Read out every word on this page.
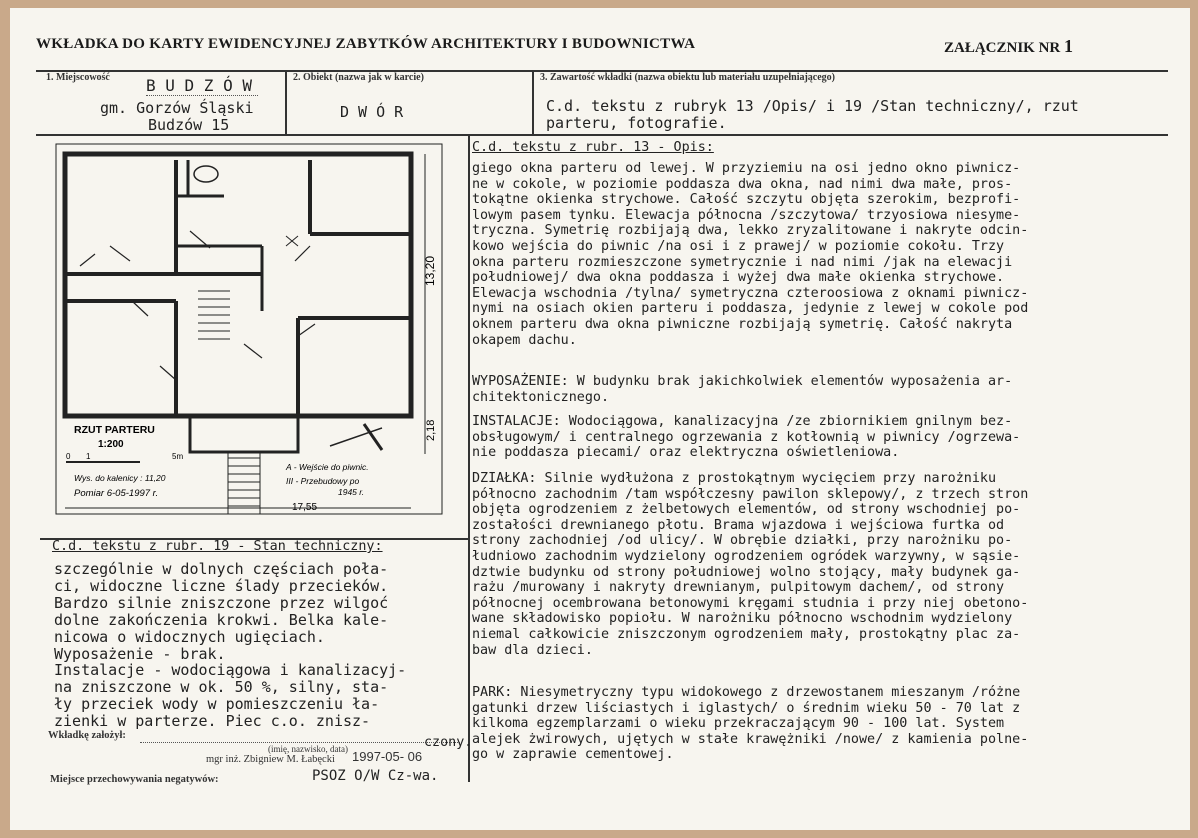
WKŁADKA DO KARTY EWIDENCYJNEJ ZABYTKÓW ARCHITEKTURY I BUDOWNICTWA	ZAŁĄCZNIK NR 1
1. Miejscowość B U D Z Ó W
gm. Gorzów Śląski
Budzów 15
2. Obiekt (nazwa jak w karcie)
D W Ó R
3. Zawartość wkładki (nazwa obiektu lub materiału uzupełniającego)
C.d. tekstu z rubryk 13 /Opis/ i 19 /Stan techniczny/, rzut
parteru, fotografie.
13,20
2,18
17,55
RZUT PARTERU
1:200
0 1	5m
Wys. do kalenicy : 11,20
Pomiar 6-05-1997 r.
A - Wejście do piwnic.
III - Przebudowy po
1945 r.
C.d. tekstu z rubr. 13 - Opis:
giego okna parteru od lewej. W przyziemiu na osi jedno okno piwnicz-
ne w cokole, w poziomie poddasza dwa okna, nad nimi dwa małe, pros-
tokątne okienka strychowe. Całość szczytu objęta szerokim, bezprofi-
lowym pasem tynku. Elewacja północna /szczytowa/ trzyosiowa niesyme-
tryczna. Symetrię rozbijają dwa, lekko zryzalitowane i nakryte odcin-
kowo wejścia do piwnic /na osi i z prawej/ w poziomie cokołu. Trzy
okna parteru rozmieszczone symetrycznie i nad nimi /jak na elewacji
południowej/ dwa okna poddasza i wyżej dwa małe okienka strychowe.
Elewacja wschodnia /tylna/ symetryczna czteroosiowa z oknami piwnicz-
nymi na osiach okien parteru i poddasza, jedynie z lewej w cokole pod
oknem parteru dwa okna piwniczne rozbijają symetrię. Całość nakryta
okapem dachu.
WYPOSAŻENIE: W budynku brak jakichkolwiek elementów wyposażenia ar-
chitektonicznego.
INSTALACJE: Wodociągowa, kanalizacyjna /ze zbiornikiem gnilnym bez-
obsługowym/ i centralnego ogrzewania z kotłownią w piwnicy /ogrzewa-
nie poddasza piecami/ oraz elektryczna oświetleniowa.
DZIAŁKA: Silnie wydłużona z prostokątnym wycięciem przy narożniku
północno zachodnim /tam współczesny pawilon sklepowy/, z trzech stron
objęta ogrodzeniem z żelbetowych elementów, od strony wschodniej po-
zostałości drewnianego płotu. Brama wjazdowa i wejściowa furtka od
strony zachodniej /od ulicy/. W obrębie działki, przy narożniku po-
łudniowo zachodnim wydzielony ogrodzeniem ogródek warzywny, w sąsie-
dztwie budynku od strony południowej wolno stojący, mały budynek ga-
rażu /murowany i nakryty drewnianym, pulpitowym dachem/, od strony
północnej ocembrowana betonowymi kręgami studnia i przy niej obetono-
wane składowisko popiołu. W narożniku północno wschodnim wydzielony
niemal całkowicie zniszczonym ogrodzeniem mały, prostokątny plac za-
baw dla dzieci.
PARK: Niesymetryczny typu widokowego z drzewostanem mieszanym /różne
gatunki drzew liściastych i iglastych/ o średnim wieku 50 - 70 lat z
kilkoma egzemplarzami o wieku przekraczającym 90 - 100 lat. System
alejek żwirowych, ujętych w stałe krawężniki /nowe/ z kamienia polne-
go w zaprawie cementowej.
C.d. tekstu z rubr. 19 - Stan techniczny:
szczególnie w dolnych częściach poła-
ci, widoczne liczne ślady przecieków.
Bardzo silnie zniszczone przez wilgoć
dolne zakończenia krokwi. Belka kale-
nicowa o widocznych ugięciach.
Wyposażenie - brak.
Instalacje - wodociągowa i kanalizacyj-
na zniszczone w ok. 50 %, silny, sta-
ły przeciek wody w pomieszczeniu ła-
zienki w parterze. Piec c.o. znisz-
Wkładkę założył:	czony.
(imię, nazwisko, data)
mgr inż. Zbigniew M. Łabęcki 1997-05- 06
Miejsce przechowywania negatywów:	PSOZ O/W Cz-wa.
